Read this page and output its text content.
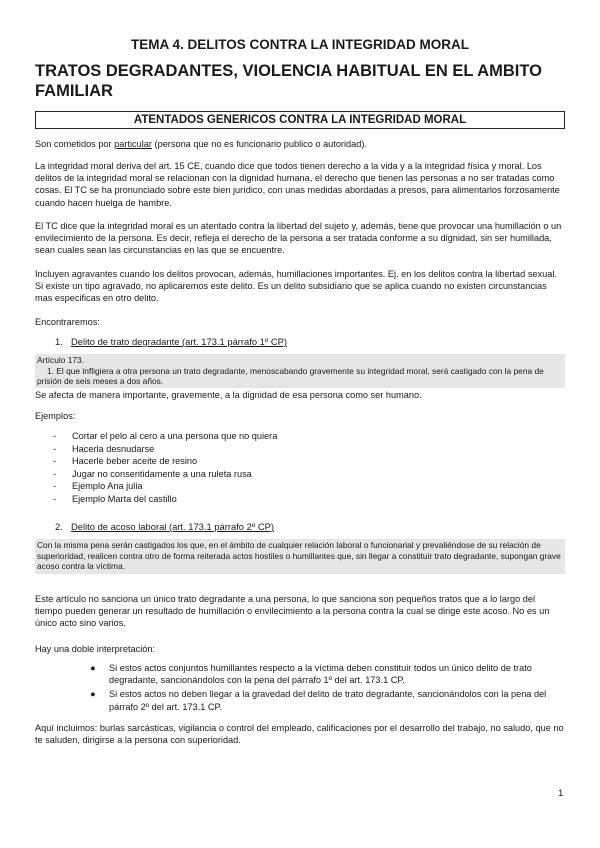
TEMA 4. DELITOS CONTRA LA INTEGRIDAD MORAL
TRATOS DEGRADANTES, VIOLENCIA HABITUAL EN EL AMBITO FAMILIAR
ATENTADOS GENERICOS CONTRA LA INTEGRIDAD MORAL
Son cometidos por particular (persona que no es funcionario publico o autoridad).
La integridad moral deriva del art. 15 CE, cuando dice que todos tienen derecho a la vida y a la integridad física y moral. Los delitos de la integridad moral se relacionan con la dignidad humana, el derecho que tienen las personas a no ser tratadas como cosas. El TC se ha pronunciado sobre este bien jurídico, con unas medidas abordadas a presos, para alimentarlos forzosamente cuando hacen huelga de hambre.
El TC dice que la integridad moral es un atentado contra la libertad del sujeto y, además, tiene que provocar una humillación o un envilecimiento de la persona. Es decir, refleja el derecho de la persona a ser tratada conforme a su dignidad, sin ser humillada, sean cuales sean las circunstancias en las que se encuentre.
Incluyen agravantes cuando los delitos provocan, además, humillaciones importantes. Ej. en los delitos contra la libertad sexual. Si existe un tipo agravado, no aplicaremos este delito. Es un delito subsidiario que se aplica cuando no existen circunstancias mas especificas en otro delito.
Encontraremos:
1. Delito de trato degradante (art. 173.1 párrafo 1º CP)
Artículo 173.
1. El que infligiera a otra persona un trato degradante, menoscabando gravemente su integridad moral, será castigado con la pena de prisión de seis meses a dos años.
Se afecta de manera importante, gravemente, a la dignidad de esa persona como ser humano.
Ejemplos:
- Cortar el pelo al cero a una persona que no quiera
- Hacerla desnudarse
- Hacerle beber aceite de resino
- Jugar no consentidamente a una ruleta rusa
- Ejemplo Ana julia
- Ejemplo Marta del castillo
2. Delito de acoso laboral (art. 173.1 párrafo 2º CP)
Con la misma pena serán castigados los que, en el ámbito de cualquier relación laboral o funcionarial y prevaliéndose de su relación de superioridad, realicen contra otro de forma reiterada actos hostiles o humillantes que, sin llegar a constituir trato degradante, supongan grave acoso contra la víctima.
Este artículo no sanciona un único trato degradante a una persona, lo que sanciona son pequeños tratos que a lo largo del tiempo pueden generar un resultado de humillación o envilecimiento a la persona contra la cual se dirige este acoso. No es un único acto sino varios.
Hay una doble interpretación:
● Si estos actos conjuntos humillantes respecto a la víctima deben constituir todos un único delito de trato degradante, sancionándolos con la pena del párrafo 1º del art. 173.1 CP.
● Si estos actos no deben llegar a la gravedad del delito de trato degradante, sancionándolos con la pena del párrafo 2º del art. 173.1 CP.
Aquí incluimos: burlas sarcásticas, vigilancia o control del empleado, calificaciones por el desarrollo del trabajo, no saludo, que no te saluden, dirigirse a la persona con superioridad.
1
